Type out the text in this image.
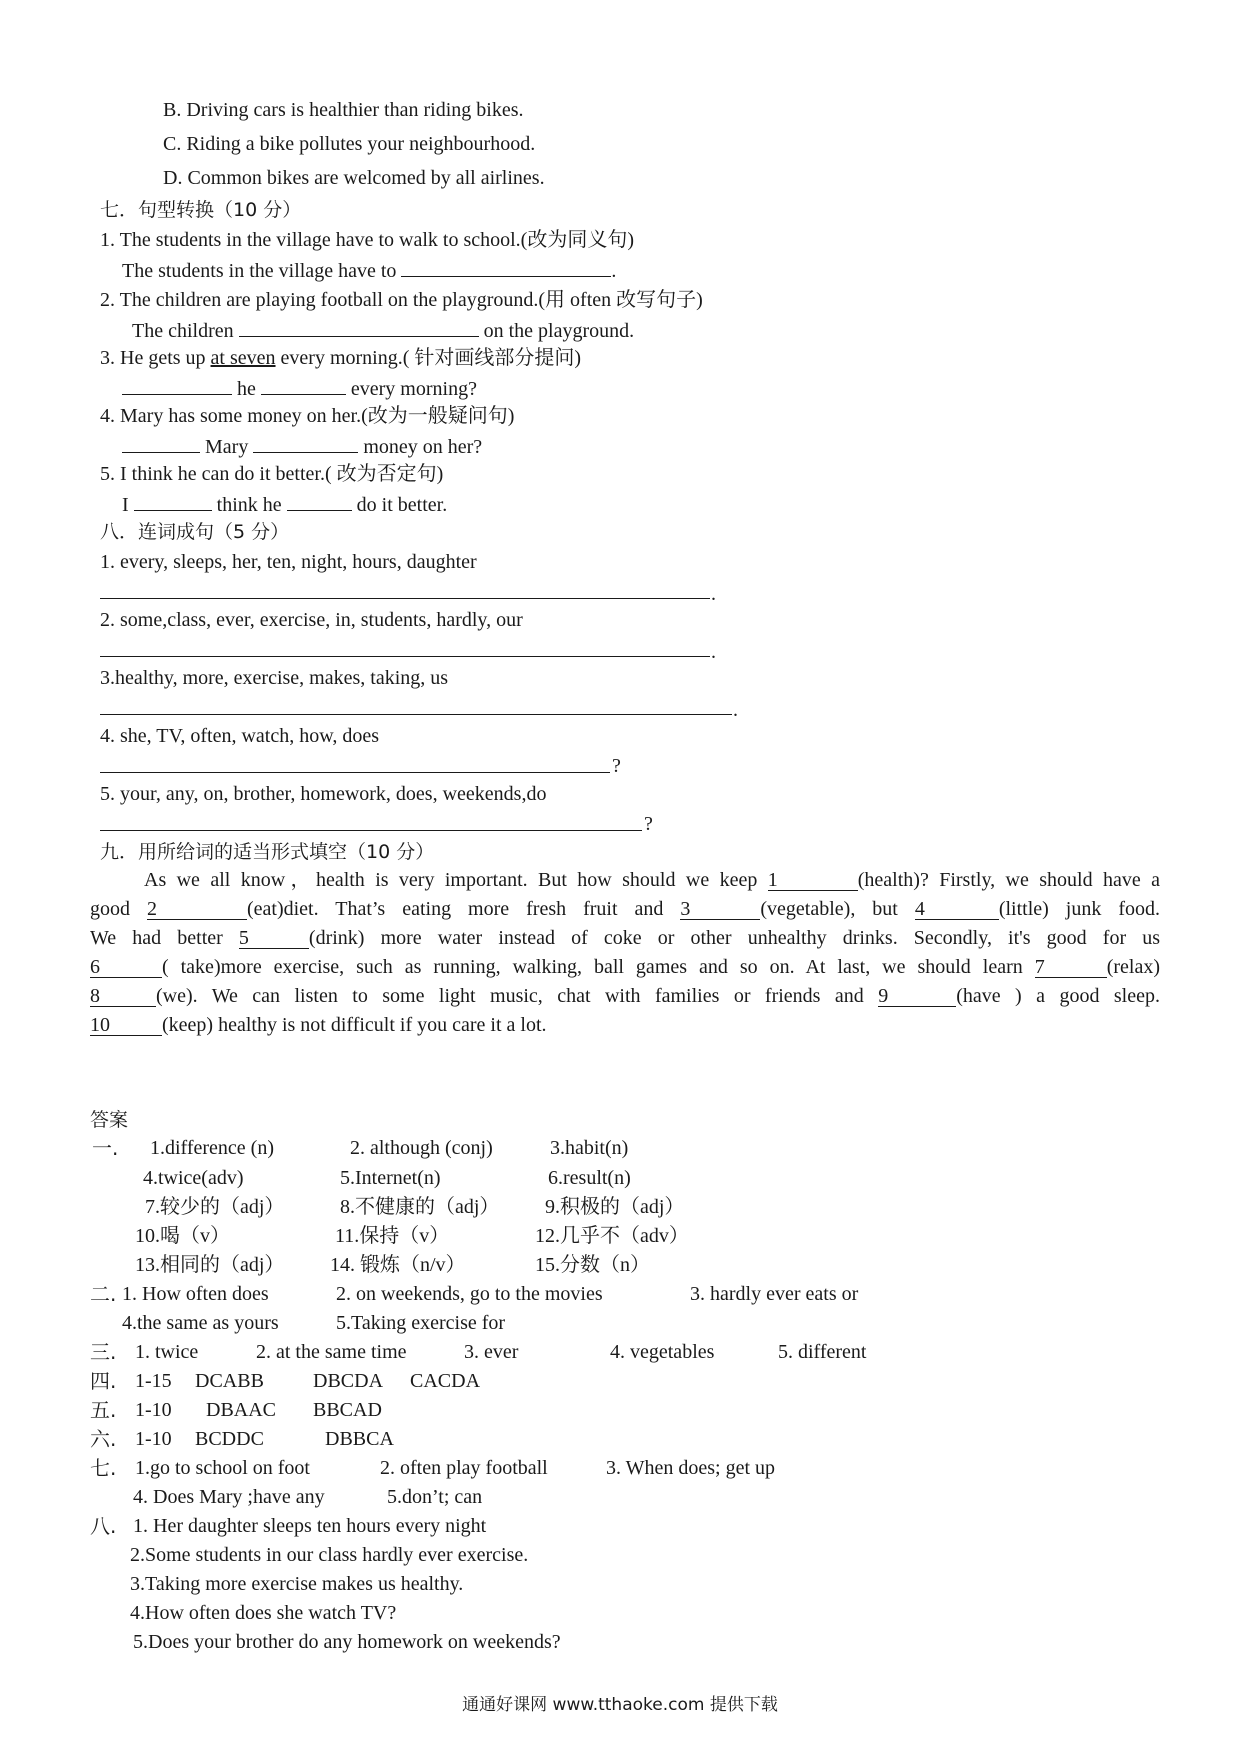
B. Driving cars is healthier than riding bikes.
C. Riding a bike pollutes your neighbourhood.
D. Common bikes are welcomed by all airlines.
七．句型转换（10 分）
1. The students in the village have to walk to school.(改为同义句)
The students in the village have to	.
2. The children are playing football on the playground.(用 often 改写句子)
The children	on the playground.
3. He gets up at seven every morning.( 针对画线部分提问)
he	every morning?
4. Mary has some money on her.(改为一般疑问句)
Mary	money on her?
5. I think he can do it better.( 改为否定句)
I	think he	do it better.
八．连词成句（5 分）
1. every, sleeps, her, ten, night, hours, daughter
.
2. some,class, ever, exercise, in, students, hardly, our
.
3.healthy, more, exercise, makes, taking, us
.
4. she, TV, often, watch, how, does
?
5. your, any, on, brother, homework, does, weekends,do
?
九．用所给词的适当形式填空（10 分）
As we all know，health is very important. But how should we keep 1	(health)? Firstly, we should have a
good 2	(eat)diet. That’s eating more fresh fruit and 3	(vegetable), but 4	(little) junk food.
We had better 5	(drink) more water instead of coke or other unhealthy drinks. Secondly, it's good for us
6	( take)more exercise, such as running, walking, ball games and so on. At last, we should learn 7	(relax)
8	(we). We can listen to some light music, chat with families or friends and 9	(have ) a good sleep.
10	(keep) healthy is not difficult if you care it a lot.
答案
一. 1.difference (n)	2. although (conj)	3.habit(n)
4.twice(adv)	5.Internet(n)	6.result(n)
7.较少的（adj）	8.不健康的（adj） 9.积极的（adj）
10.喝（v）	11.保持（v）	12.几乎不（adv）
13.相同的（adj） 14. 锻炼（n/v）	15.分数（n）
二. 1. How often does	2. on weekends, go to the movies	3. hardly ever eats or
4.the same as yours	5.Taking exercise for
三. 1. twice	2. at the same time	3. ever	4. vegetables	5. different
四. 1-15 DCABB DBCDA CACDA
五. 1-10 DBAAC BBCAD
六. 1-10 BCDDC	DBBCA
七. 1.go to school on foot	2. often play football	3. When does; get up
4. Does Mary ;have any	5.don’t; can
八. 1. Her daughter sleeps ten hours every night
2.Some students in our class hardly ever exercise.
3.Taking more exercise makes us healthy.
4.How often does she watch TV?
5.Does your brother do any homework on weekends?
通通好课网 www.tthaoke.com 提供下载
